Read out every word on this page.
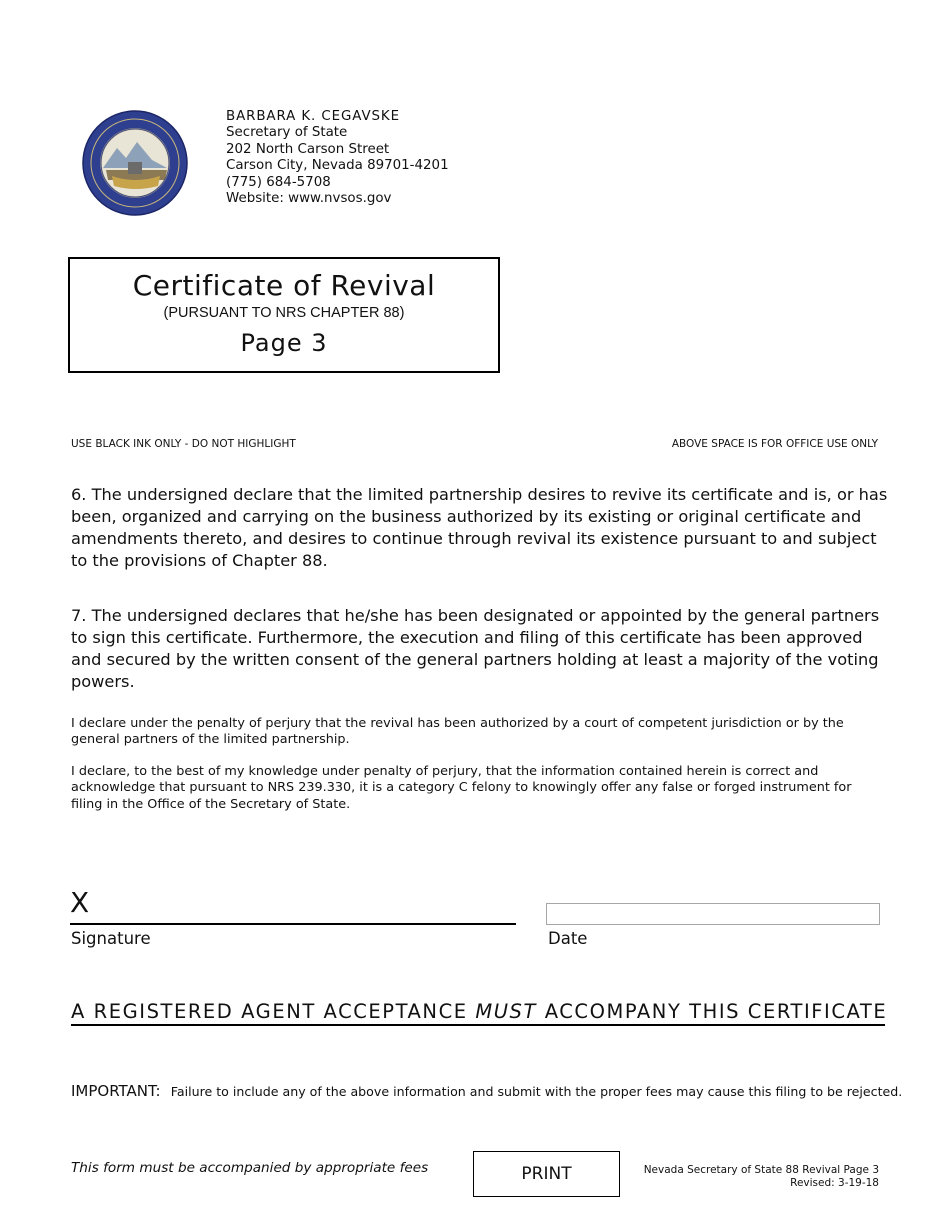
BARBARA K. CEGAVSKE
Secretary of State
202 North Carson Street
Carson City, Nevada 89701-4201
(775) 684-5708
Website: www.nvsos.gov
Certificate of Revival
(PURSUANT TO NRS CHAPTER 88)
Page 3
USE BLACK INK ONLY - DO NOT HIGHLIGHT	ABOVE SPACE IS FOR OFFICE USE ONLY
6. The undersigned declare that the limited partnership desires to revive its certificate and is, or has been, organized and carrying on the business authorized by its existing or original certificate and amendments thereto, and desires to continue through revival its existence pursuant to and subject to the provisions of Chapter 88.
7. The undersigned declares that he/she has been designated or appointed by the general partners to sign this certificate. Furthermore, the execution and filing of this certificate has been approved and secured by the written consent of the general partners holding at least a majority of the voting powers.
I declare under the penalty of perjury that the revival has been authorized by a court of competent jurisdiction or by the general partners of the limited partnership.
I declare, to the best of my knowledge under penalty of perjury, that the information contained herein is correct and acknowledge that pursuant to NRS 239.330, it is a category C felony to knowingly offer any false or forged instrument for filing in the Office of the Secretary of State.
X
Signature	Date
A REGISTERED AGENT ACCEPTANCE MUST ACCOMPANY THIS CERTIFICATE
IMPORTANT: Failure to include any of the above information and submit with the proper fees may cause this filing to be rejected.
This form must be accompanied by appropriate fees	PRINT	Nevada Secretary of State 88 Revival Page 3
Revised: 3-19-18
